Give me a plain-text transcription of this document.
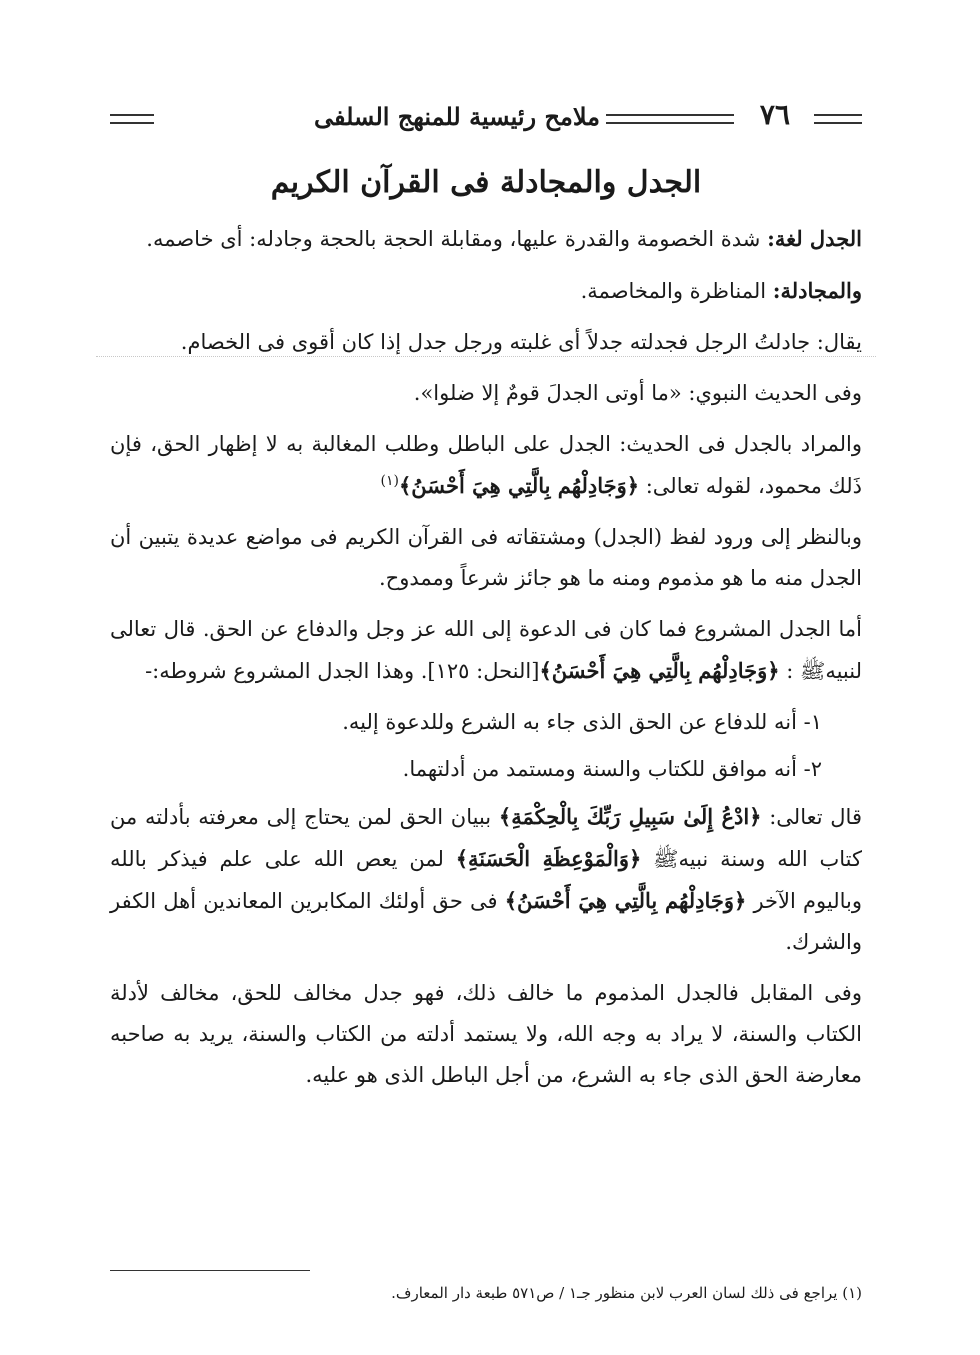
٧٦
ملامح رئيسية للمنهج السلفى
الجدل والمجادلة فى القرآن الكريم

الجدل لغة: شدة الخصومة والقدرة عليها، ومقابلة الحجة بالحجة وجادله: أى خاصمه.

والمجادلة: المناظرة والمخاصمة.

يقال: جادلتُ الرجل فجدلته جدلاً أى غلبته ورجل جدل إذا كان أقوى فى الخصام.

وفى الحديث النبوي: «ما أوتى الجدلَ قومٌ إلا ضلوا».

والمراد بالجدل فى الحديث: الجدل على الباطل وطلب المغالبة به لا إظهار الحق، فإن ذَلك محمود، لقوله تعالى: ﴿وَجَادِلْهُم بِالَّتِي هِيَ أَحْسَنُ﴾$^{(١)}$

وبالنظر إلى ورود لفظ (الجدل) ومشتقاته فى القرآن الكريم فى مواضع عديدة يتبين أن الجدل منه ما هو مذموم ومنه ما هو جائز شرعاً وممدوح.

أما الجدل المشروع فما كان فى الدعوة إلى الله عز وجل والدفاع عن الحق. قال تعالى لنبيهﷺ : ﴿وَجَادِلْهُم بِالَّتِي هِيَ أَحْسَنُ﴾[النحل: ١٢٥]. وهذا الجدل المشروع شروطه:-

١- أنه للدفاع عن الحق الذى جاء به الشرع وللدعوة إليه.

٢- أنه موافق للكتاب والسنة ومستمد من أدلتهما.

قال تعالى: ﴿ادْعُ إِلَىٰ سَبِيلِ رَبِّكَ بِالْحِكْمَةِ﴾ ببيان الحق لمن يحتاج إلى معرفته بأدلته من كتاب الله وسنة نبيهﷺ ﴿وَالْمَوْعِظَةِ الْحَسَنَةِ﴾ لمن يعص الله على علم فيذكر بالله وباليوم الآخر ﴿وَجَادِلْهُم بِالَّتِي هِيَ أَحْسَنُ﴾ فى حق أولئك المكابرين المعاندين أهل الكفر والشرك.

وفى المقابل فالجدل المذموم ما خالف ذلك، فهو جدل مخالف للحق، مخالف لأدلة الكتاب والسنة، لا يراد به وجه الله، ولا يستمد أدلته من الكتاب والسنة، يريد به صاحبه معارضة الحق الذى جاء به الشرع، من أجل الباطل الذى هو عليه.

(١) يراجع فى ذلك لسان العرب لابن منظور جـ١ / ص٥٧١ طبعة دار المعارف.
